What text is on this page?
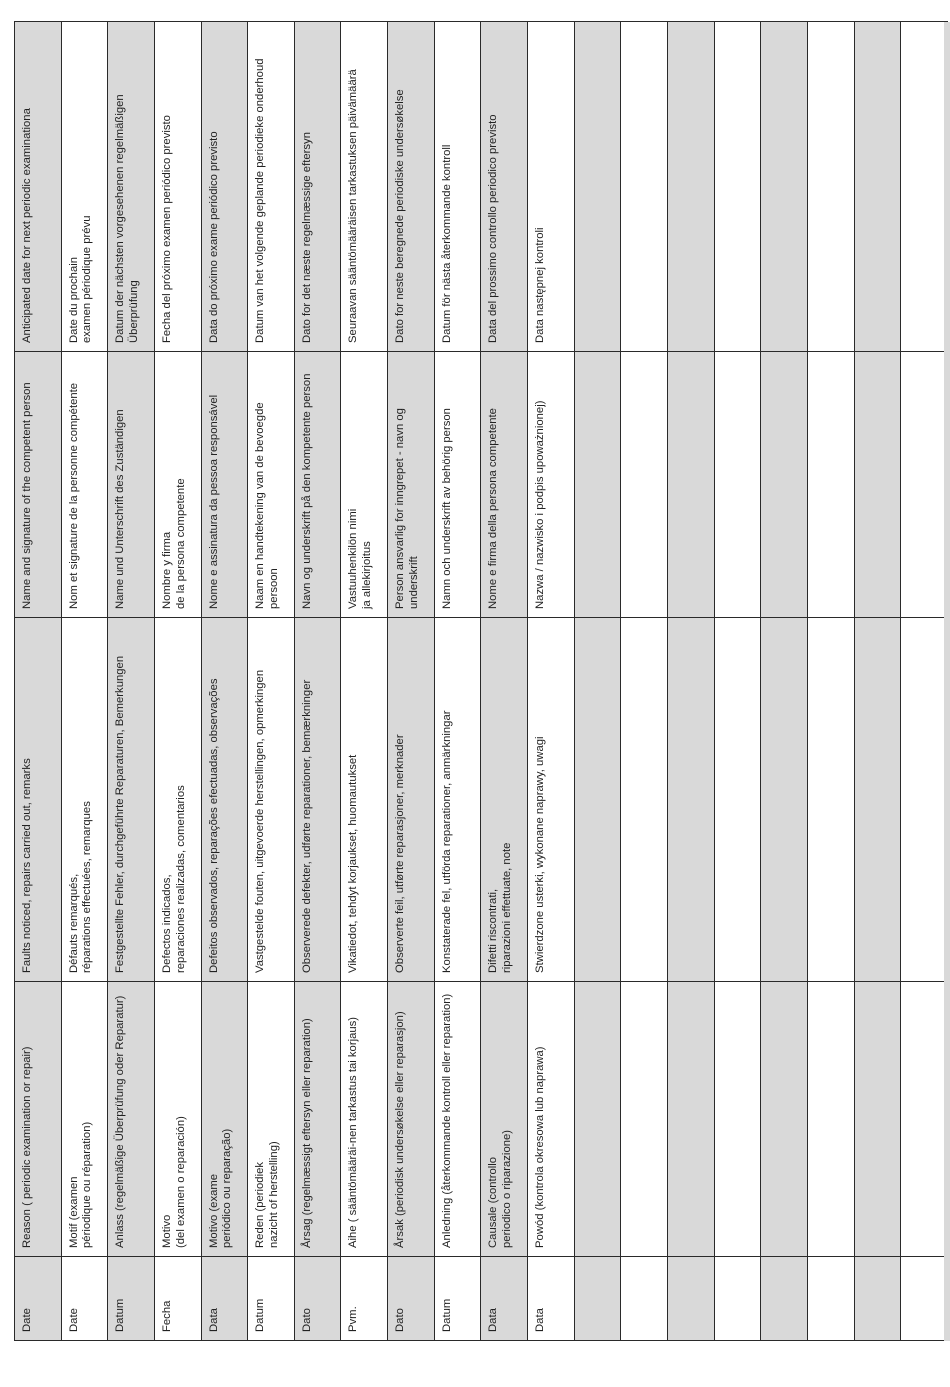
Date	Reason ( periodic examination or repair)	Faults noticed, repairs carried out, remarks	Name and signature of the competent person	Anticipated date for next periodic examinationa

Date	Motif (examen
périodique ou réparation)	Défauts remarqués,
réparations effectuées, remarques	Nom et signature de la personne compétente	Date du prochain
examen périodique prévu

Datum	Anlass (regelmäßige Überprüfung oder Reparatur)	Festgestellte Fehler, durchgeführte Reparaturen, Bemerkungen	Name und Unterschrift des Zuständigen	Datum der nächsten vorgesehenen regelmäßigen Überprüfung

Fecha	Motivo
(del examen o reparación)	Defectos indicados,
reparaciones realizadas, comentarios	Nombre y firma
de la persona competente	Fecha del próximo examen periódico previsto

Data	Motivo (exame
periódico ou reparação)	Defeitos observados, reparações efectuadas, observações	Nome e assinatura da pessoa responsável	Data do próximo exame periódico previsto

Datum	Reden (periodiek
nazicht of herstelling)	Vastgestelde fouten, uitgevoerde herstellingen, opmerkingen	Naam en handtekening van de bevoegde persoon	Datum van het volgende geplande periodieke onderhoud

Dato	Årsag (regelmæssigt eftersyn eller reparation)	Observerede defekter, udførte reparationer, bemærkninger	Navn og underskrift på den kompetente person	Dato for det næste regelmæssige eftersyn

Pvm.	Aihe ( sääntömääräi-nen tarkastus tai korjaus)	Vikatiedot, tehdyt korjaukset, huomautukset	Vastuuhenkilön nimi
ja allekirjoitus	Seuraavan sääntömääräisen tarkastuksen päivämäärä

Dato	Årsak (periodisk undersøkelse eller reparasjon)	Observerte feil, utførte reparasjoner, merknader	Person ansvarlig for inngrepet - navn og underskrift	Dato for neste beregnede periodiske undersøkelse

Datum	Anledning (återkommande kontroll eller reparation)	Konstaterade fel, utförda reparationer, anmärkningar	Namn och underskrift av behörig person	Datum för nästa återkommande kontroll

Data	Causale (controllo
periodico o riparazione)	Difetti riscontrati,
riparazioni effettuate, note	Nome e firma della persona competente	Data del prossimo controllo periodico previsto

Data	Powód (kontrola okresowa lub naprawa)	Stwierdzone usterki, wykonane naprawy, uwagi	Nazwa / nazwisko i podpis upoważnionej)	Data następnej kontroli
